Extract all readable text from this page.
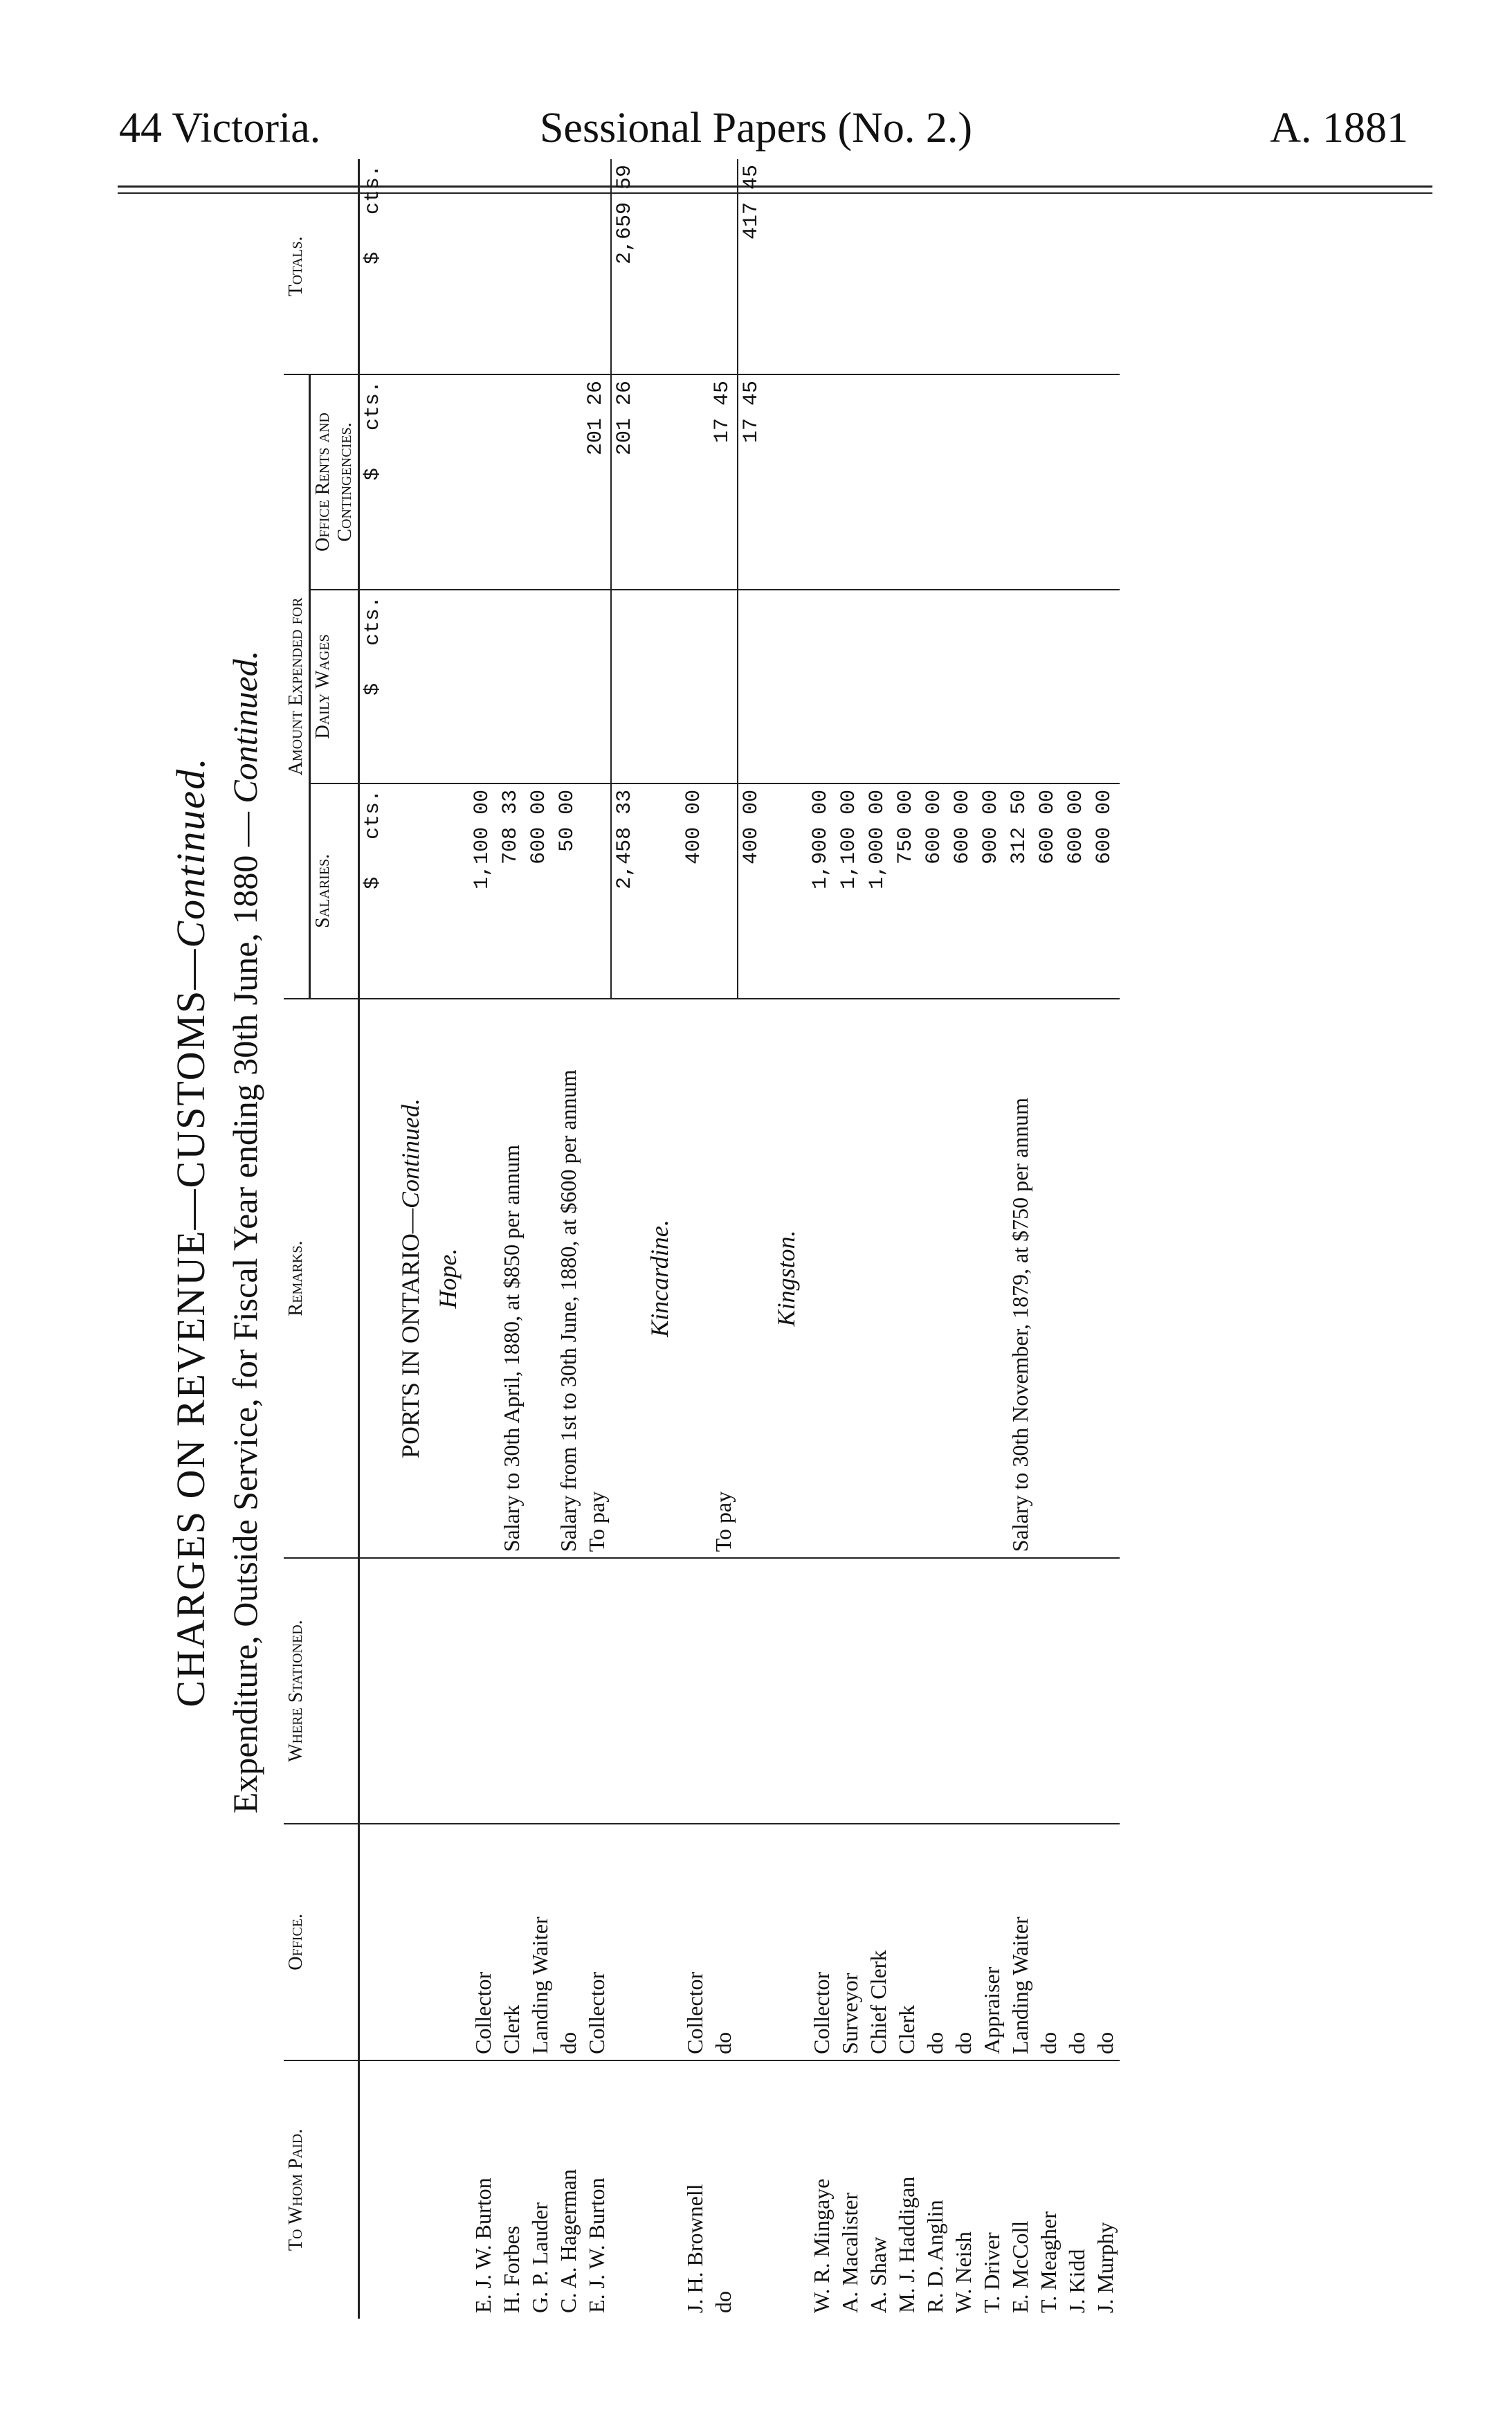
44 Victoria.	Sessional Papers (No. 2.)	A. 1881
CHARGES ON REVENUE—CUSTOMS—Continued. Expenditure, Outside Service, for Fiscal Year ending 30th June, 1880 — Continued.
To Whom Paid.	Office.	Where Stationed.	Remarks.	Amount Expended for			Totals.
				Salaries.	Daily Wages	Office Rents and Contingencies.	
				$   cts.	$   cts.	$   cts.	$   cts.
			PORTS IN ONTARIO—Continued.				
			Hope.				
E. J. W. Burton	Collector			1,100 00			
H. Forbes	Clerk		Salary to 30th April, 1880, at $850 per annum	708 33			
G. P. Lauder	Landing Waiter			600 00			
C. A. Hagerman	do		Salary from 1st to 30th June, 1880, at $600 per annum	50 00			
E. J. W. Burton	Collector		To pay			201 26	
				2,458 33		201 26	2,659 59
			Kincardine.				
J. H. Brownell	Collector			400 00			
do	do		To pay			17 45	
				400 00		17 45	417 45
			Kingston.				
W. R. Mingaye	Collector			1,900 00			
A. Macalister	Surveyor			1,100 00			
A. Shaw	Chief Clerk			1,000 00			
M. J. Haddigan	Clerk			750 00			
R. D. Anglin	do			600 00			
W. Neish	do			600 00			
T. Driver	Appraiser			900 00			
E. McColl	Landing Waiter		Salary to 30th November, 1879, at $750 per annum	312 50			
T. Meagher	do			600 00			
J. Kidd	do			600 00			
J. Murphy	do			600 00			
